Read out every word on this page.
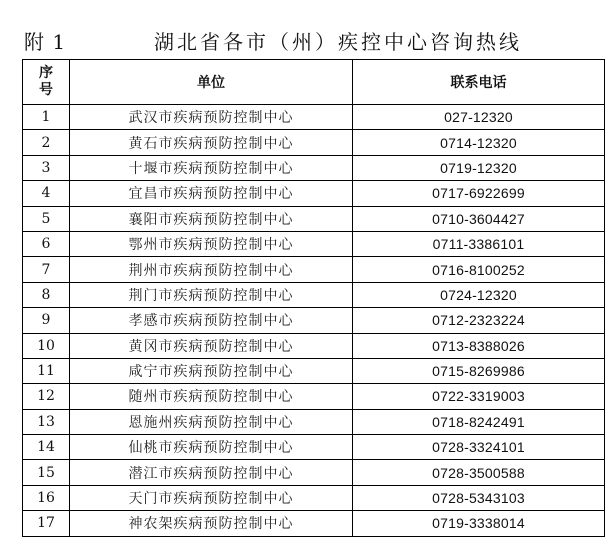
附 1	湖北省各市（州）疾控中心咨询热线
序
号	单位	联系电话
1	武汉市疾病预防控制中心	027-12320
2	黄石市疾病预防控制中心	0714-12320
3	十堰市疾病预防控制中心	0719-12320
4	宜昌市疾病预防控制中心	0717-6922699
5	襄阳市疾病预防控制中心	0710-3604427
6	鄂州市疾病预防控制中心	0711-3386101
7	荆州市疾病预防控制中心	0716-8100252
8	荆门市疾病预防控制中心	0724-12320
9	孝感市疾病预防控制中心	0712-2323224
10	黄冈市疾病预防控制中心	0713-8388026
11	咸宁市疾病预防控制中心	0715-8269986
12	随州市疾病预防控制中心	0722-3319003
13	恩施州疾病预防控制中心	0718-8242491
14	仙桃市疾病预防控制中心	0728-3324101
15	潜江市疾病预防控制中心	0728-3500588
16	天门市疾病预防控制中心	0728-5343103
17	神农架疾病预防控制中心	0719-3338014
